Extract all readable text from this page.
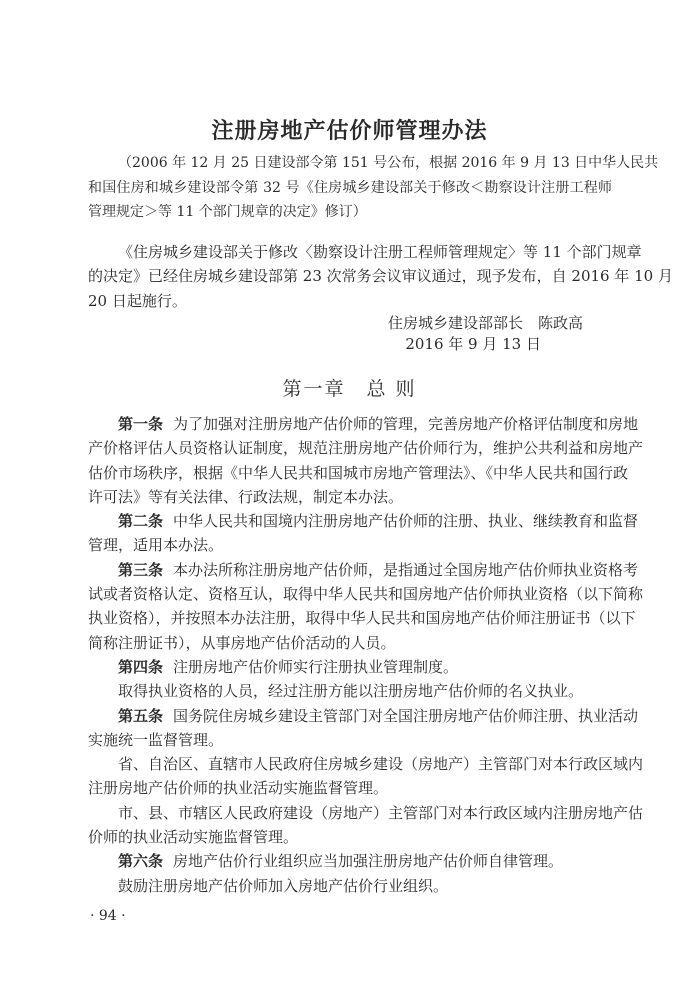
注册房地产估价师管理办法
（2006 年 12 月 25 日建设部令第 151 号公布，根据 2016 年 9 月 13 日中华人民共
和国住房和城乡建设部令第 32 号《住房城乡建设部关于修改＜勘察设计注册工程师
管理规定＞等 11 个部门规章的决定》修订）
《住房城乡建设部关于修改〈勘察设计注册工程师管理规定〉等 11 个部门规章
的决定》已经住房城乡建设部第 23 次常务会议审议通过，现予发布，自 2016 年 10 月
20 日起施行。
住房城乡建设部部长　陈政高
2016 年 9 月 13 日
第一章　总 则
第一条 为了加强对注册房地产估价师的管理，完善房地产价格评估制度和房地
产价格评估人员资格认证制度，规范注册房地产估价师行为，维护公共利益和房地产
估价市场秩序，根据《中华人民共和国城市房地产管理法》、《中华人民共和国行政
许可法》等有关法律、行政法规，制定本办法。
第二条 中华人民共和国境内注册房地产估价师的注册、执业、继续教育和监督
管理，适用本办法。
第三条 本办法所称注册房地产估价师，是指通过全国房地产估价师执业资格考
试或者资格认定、资格互认，取得中华人民共和国房地产估价师执业资格（以下简称
执业资格），并按照本办法注册，取得中华人民共和国房地产估价师注册证书（以下
简称注册证书），从事房地产估价活动的人员。
第四条 注册房地产估价师实行注册执业管理制度。
取得执业资格的人员，经过注册方能以注册房地产估价师的名义执业。
第五条 国务院住房城乡建设主管部门对全国注册房地产估价师注册、执业活动
实施统一监督管理。
省、自治区、直辖市人民政府住房城乡建设（房地产）主管部门对本行政区域内
注册房地产估价师的执业活动实施监督管理。
市、县、市辖区人民政府建设（房地产）主管部门对本行政区域内注册房地产估
价师的执业活动实施监督管理。
第六条 房地产估价行业组织应当加强注册房地产估价师自律管理。
鼓励注册房地产估价师加入房地产估价行业组织。
· 94 ·
